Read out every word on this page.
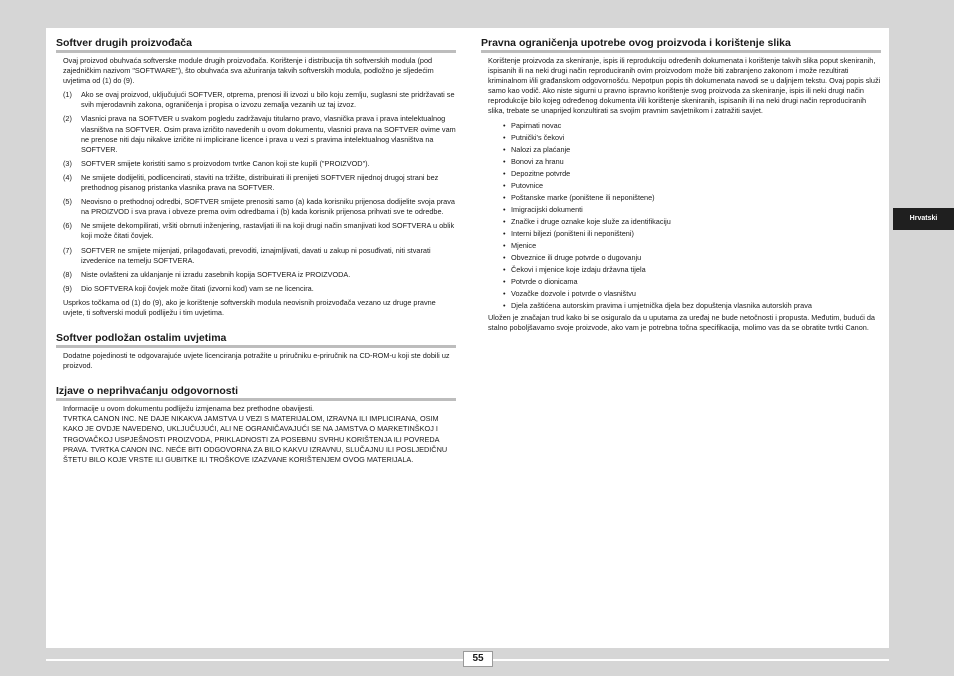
55
Hrvatski
Softver drugih proizvođača

Ovaj proizvod obuhvaća softverske module drugih proizvođača. Korištenje i distribucija tih softverskih modula (pod zajedničkim nazivom "SOFTWARE"), što obuhvaća sva ažuriranja takvih softverskih modula, podložno je sljedećim uvjetima od (1) do (9).

(1)	Ako se ovaj proizvod, uključujući SOFTVER, otprema, prenosi ili izvozi u bilo koju zemlju, suglasni ste pridržavati se svih mjerodavnih zakona, ograničenja i propisa o izvozu zemalja vezanih uz taj izvoz.
(2)	Vlasnici prava na SOFTVER u svakom pogledu zadržavaju titularno pravo, vlasnička prava i prava intelektualnog vlasništva na SOFTVER. Osim prava izričito navedenih u ovom dokumentu, vlasnici prava na SOFTVER ovime vam ne prenose niti daju nikakve izričite ni implicirane licence i prava u vezi s pravima intelektualnog vlasništva na SOFTVER.
(3)	SOFTVER smijete koristiti samo s proizvodom tvrtke Canon koji ste kupili ("PROIZVOD").
(4)	Ne smijete dodijeliti, podlicencirati, staviti na tržište, distribuirati ili prenijeti SOFTVER nijednoj drugoj strani bez prethodnog pisanog pristanka vlasnika prava na SOFTVER.
(5)	Neovisno o prethodnoj odredbi, SOFTVER smijete prenositi samo (a) kada korisniku prijenosa dodijelite svoja prava na PROIZVOD i sva prava i obveze prema ovim odredbama i (b) kada korisnik prijenosa prihvati sve te odredbe.
(6)	Ne smijete dekompilirati, vršiti obrnuti inženjering, rastavljati ili na koji drugi način smanjivati kod SOFTVERA u oblik koji može čitati čovjek.
(7)	SOFTVER ne smijete mijenjati, prilagođavati, prevoditi, iznajmljivati, davati u zakup ni posuđivati, niti stvarati izvedenice na temelju SOFTVERA.
(8)	Niste ovlašteni za uklanjanje ni izradu zasebnih kopija SOFTVERA iz PROIZVODA.
(9)	Dio SOFTVERA koji čovjek može čitati (izvorni kod) vam se ne licencira.

Usprkos točkama od (1) do (9), ako je korištenje softverskih modula neovisnih proizvođača vezano uz druge pravne uvjete, ti softverski moduli podliježu i tim uvjetima.

Softver podložan ostalim uvjetima

Dodatne pojedinosti te odgovarajuće uvjete licenciranja potražite u priručniku e-priručnik na CD-ROM-u koji ste dobili uz proizvod.

Izjave o neprihvaćanju odgovornosti

Informacije u ovom dokumentu podliježu izmjenama bez prethodne obavijesti.
TVRTKA CANON INC. NE DAJE NIKAKVA JAMSTVA U VEZI S MATERIJALOM, IZRAVNA ILI IMPLICIRANA, OSIM KAKO JE OVDJE NAVEDENO, UKLJUČUJUĆI, ALI NE OGRANIČAVAJUĆI SE NA JAMSTVA O MARKETINŠKOJ I TRGOVAČKOJ USPJEŠNOSTI PROIZVODA, PRIKLADNOSTI ZA POSEBNU SVRHU KORIŠTENJA ILI POVREDA PRAVA. TVRTKA CANON INC. NEĆE BITI ODGOVORNA ZA BILO KAKVU IZRAVNU, SLUČAJNU ILI POSLJEDIČNU ŠTETU BILO KOJE VRSTE ILI GUBITKE ILI TROŠKOVE IZAZVANE KORIŠTENJEM OVOG MATERIJALA.

Pravna ograničenja upotrebe ovog proizvoda i korištenje slika

Korištenje proizvoda za skeniranje, ispis ili reprodukciju određenih dokumenata i korištenje takvih slika poput skeniranih, ispisanih ili na neki drugi način reproduciranih ovim proizvodom može biti zabranjeno zakonom i može rezultirati kriminalnom i/ili građanskom odgovornošću. Nepotpun popis tih dokumenata navodi se u daljnjem tekstu. Ovaj popis služi samo kao vodič. Ako niste sigurni u pravno ispravno korištenje svog proizvoda za skeniranje, ispis ili neki drugi način reprodukcije bilo kojeg određenog dokumenta i/ili korištenje skeniranih, ispisanih ili na neki drugi način reproduciranih slika, trebate se unaprijed konzultirati sa svojim pravnim savjetnikom i zatražiti savjet.

• Papirnati novac
• Putnički's čekovi
• Nalozi za plaćanje
• Bonovi za hranu
• Depozitne potvrde
• Putovnice
• Poštanske marke (poništene ili neponištene)
• Imigracijski dokumenti
• Značke i druge oznake koje služe za identifikaciju
• Interni biljezi (poništeni ili neponišteni)
• Mjenice
• Obveznice ili druge potvrde o dugovanju
• Čekovi i mjenice koje izdaju državna tijela
• Potvrde o dionicama
• Vozačke dozvole i potvrde o vlasništvu
• Djela zaštićena autorskim pravima i umjetnička djela bez dopuštenja vlasnika autorskih prava

Uložen je značajan trud kako bi se osiguralo da u uputama za uređaj ne bude netočnosti i propusta. Međutim, budući da stalno poboljšavamo svoje proizvode, ako vam je potrebna točna specifikacija, molimo vas da se obratite tvrtki Canon.
